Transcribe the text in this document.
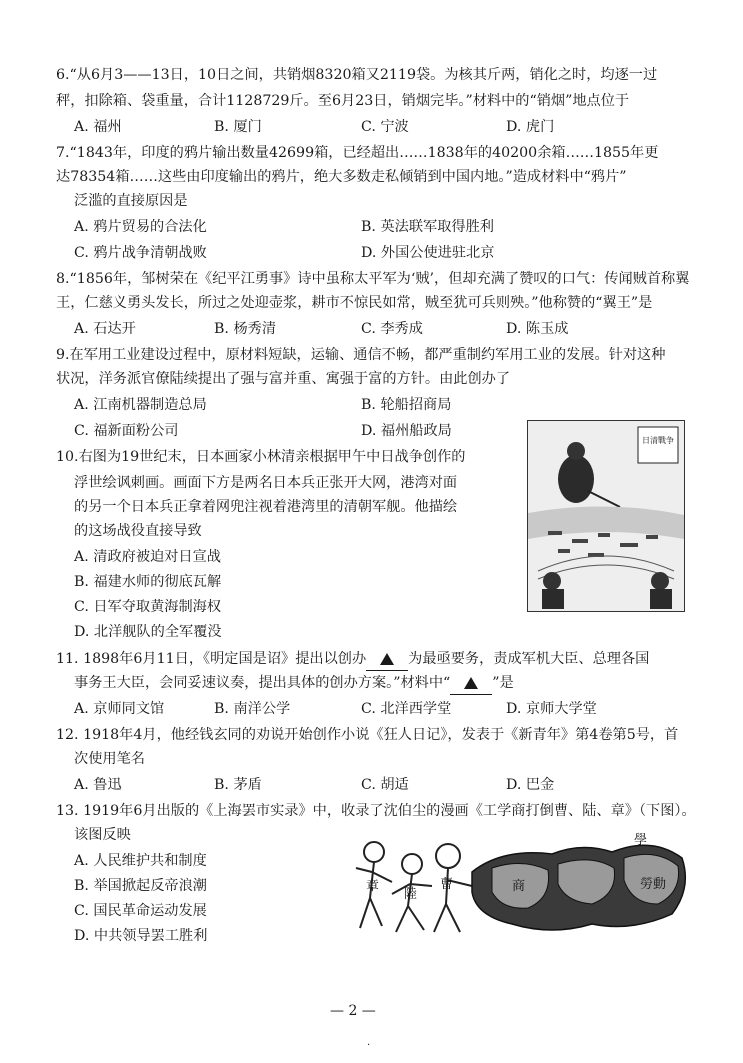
6.“从6月3——13日，10日之间，共销烟8320箱又2119袋。为核其斤两，销化之时，均逐一过
秤，扣除箱、袋重量，合计1128729斤。至6月23日，销烟完毕。”材料中的“销烟”地点位于
A. 福州	B. 厦门	C. 宁波	D. 虎门
7.“1843年，印度的鸦片输出数量42699箱，已经超出……1838年的40200余箱……1855年更
达78354箱……这些由印度输出的鸦片，绝大多数走私倾销到中国内地。”造成材料中“鸦片”
泛滥的直接原因是
A. 鸦片贸易的合法化	B. 英法联军取得胜利
C. 鸦片战争清朝战败	D. 外国公使进驻北京
8.“1856年，邹树荣在《纪平江勇事》诗中虽称太平军为‘贼’，但却充满了赞叹的口气：传闻贼首称翼
王，仁慈义勇头发长，所过之处迎壶浆，耕市不惊民如常，贼至犹可兵则殃。”他称赞的“翼王”是
A. 石达开	B. 杨秀清	C. 李秀成	D. 陈玉成
9.在军用工业建设过程中，原材料短缺，运输、通信不畅，都严重制约军用工业的发展。针对这种
状况，洋务派官僚陆续提出了强与富并重、寓强于富的方针。由此创办了
A. 江南机器制造总局	B. 轮船招商局
C. 福新面粉公司	D. 福州船政局
日清戰争
10.右图为19世纪末，日本画家小林清亲根据甲午中日战争创作的
浮世绘讽刺画。画面下方是两名日本兵正张开大网，港湾对面
的另一个日本兵正拿着网兜注视着港湾里的清朝军舰。他描绘
的这场战役直接导致
A. 清政府被迫对日宣战
B. 福建水师的彻底瓦解
C. 日军夺取黄海制海权
D. 北洋舰队的全军覆没
11. 1898年6月11日，《明定国是诏》提出以创办	为最亟要务，责成军机大臣、总理各国
事务王大臣，会同妥速议奏，提出具体的创办方案。”材料中“	”是
A. 京师同文馆	B. 南洋公学	C. 北洋西学堂	D. 京师大学堂
12. 1918年4月，他经钱玄同的劝说开始创作小说《狂人日记》，发表于《新青年》第4卷第5号，首
次使用笔名
A. 鲁迅	B. 茅盾	C. 胡适	D. 巴金
13. 1919年6月出版的《上海罢市实录》中，收录了沈伯尘的漫画《工学商打倒曹、陆、章》（下图）。
该图反映
A. 人民维护共和制度
B. 举国掀起反帝浪潮
C. 国民革命运动发展
D. 中共领导罢工胜利
章
陸
曹	商
學
勞動
— 2 —
·
